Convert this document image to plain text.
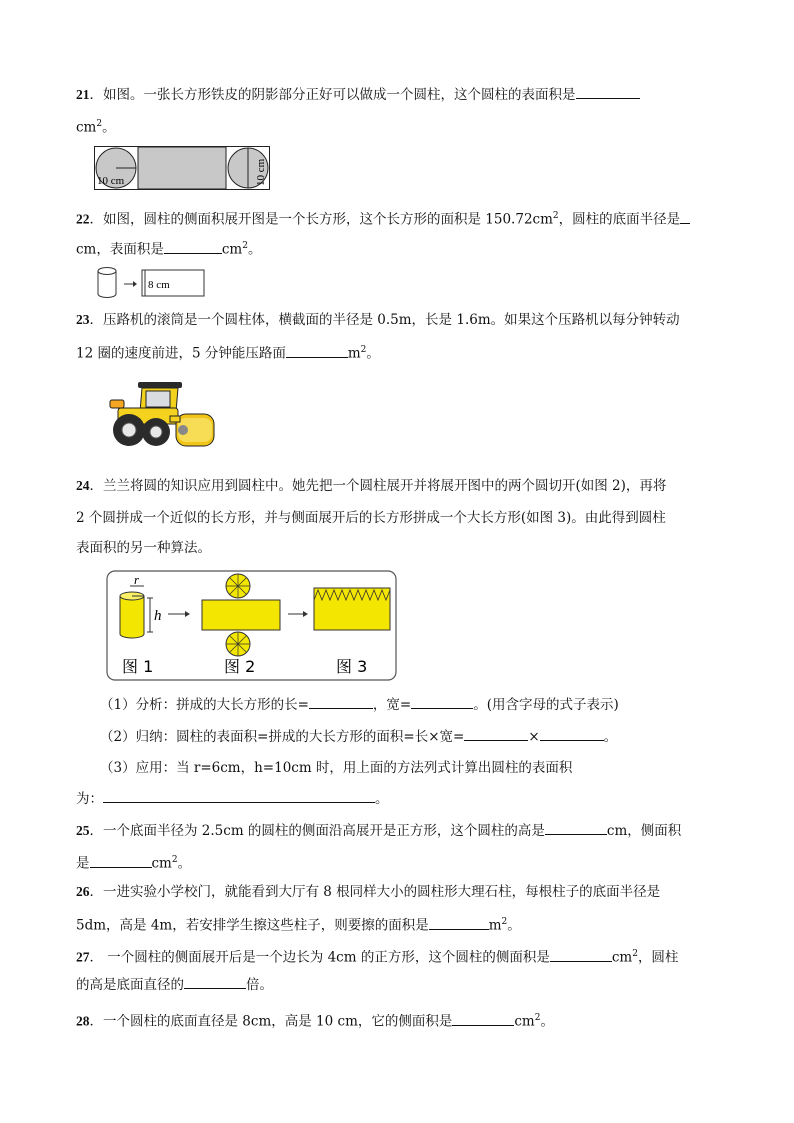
21．如图。一张长方形铁皮的阴影部分正好可以做成一个圆柱，这个圆柱的表面积是
$cm^2$。
10 cm	10 cm
22．如图，圆柱的侧面积展开图是一个长方形，这个长方形的面积是 $150.72cm^2$，圆柱的底面半径是
cm，表面积是	$cm^2$。
8 cm
23．压路机的滚筒是一个圆柱体，横截面的半径是 0.5m，长是 1.6m。如果这个压路机以每分钟转动
12 圈的速度前进，5 分钟能压路面	$m^2$。
24．兰兰将圆的知识应用到圆柱中。她先把一个圆柱展开并将展开图中的两个圆切开(如图 2)，再将
2 个圆拼成一个近似的长方形，并与侧面展开后的长方形拼成一个大长方形(如图 3)。由此得到圆柱
表面积的另一种算法。
r
h
图 1	图 2	图 3
（1）分析：拼成的大长方形的长=	，宽=	。(用含字母的式子表示)
（2）归纳：圆柱的表面积=拼成的大长方形的面积=长×宽=	×	。
（3）应用：当 r=6cm，h=10cm 时，用上面的方法列式计算出圆柱的表面积
为：	。
25．一个底面半径为 2.5cm 的圆柱的侧面沿高展开是正方形，这个圆柱的高是	cm，侧面积
是	$cm^2$。
26．一进实验小学校门，就能看到大厅有 8 根同样大小的圆柱形大理石柱，每根柱子的底面半径是
5dm，高是 4m，若安排学生擦这些柱子，则要擦的面积是	$m^2$。
27． 一个圆柱的侧面展开后是一个边长为 4cm 的正方形，这个圆柱的侧面积是	$cm^2$，圆柱
的高是底面直径的	倍。
28．一个圆柱的底面直径是 8cm，高是 10 cm，它的侧面积是	$cm^2$。
